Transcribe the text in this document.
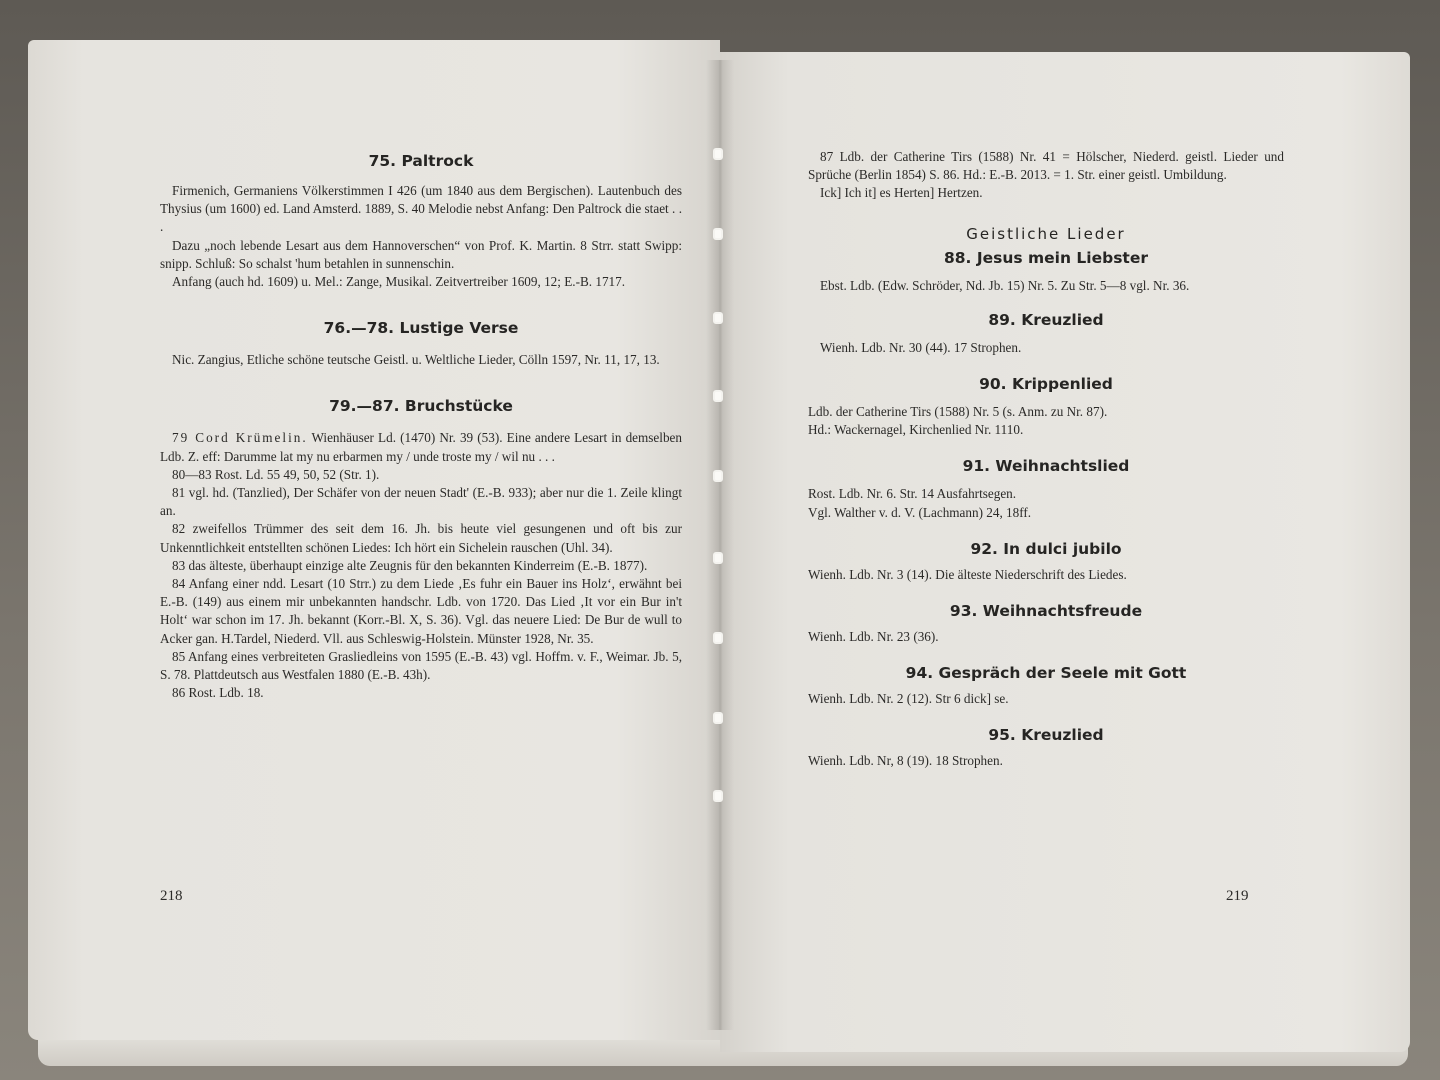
75. Paltrock

Firmenich, Germaniens Völkerstimmen I 426 (um 1840 aus dem Bergischen). Lautenbuch des Thysius (um 1600) ed. Land Amsterd. 1889, S. 40 Melodie nebst Anfang: Den Paltrock die staet . . .

Dazu „noch lebende Lesart aus dem Hannoverschen“ von Prof. K. Martin. 8 Strr. statt Swipp: snipp. Schluß: So schalst 'hum betahlen in sunnenschin.

Anfang (auch hd. 1609) u. Mel.: Zange, Musikal. Zeitvertreiber 1609, 12; E.-B. 1717.

76.—78. Lustige Verse

Nic. Zangius, Etliche schöne teutsche Geistl. u. Weltliche Lieder, Cölln 1597, Nr. 11, 17, 13.

79.—87. Bruchstücke

79 Cord Krümelin. Wienhäuser Ld. (1470) Nr. 39 (53). Eine andere Lesart in demselben Ldb. Z. eff: Darumme lat my nu erbarmen my / unde troste my / wil nu . . .

80—83 Rost. Ld. 55 49, 50, 52 (Str. 1).

81 vgl. hd. (Tanzlied), Der Schäfer von der neuen Stadt' (E.-B. 933); aber nur die 1. Zeile klingt an.

82 zweifellos Trümmer des seit dem 16. Jh. bis heute viel gesungenen und oft bis zur Unkenntlichkeit entstellten schönen Liedes: Ich hört ein Sichelein rauschen (Uhl. 34).

83 das älteste, überhaupt einzige alte Zeugnis für den bekannten Kinderreim (E.-B. 1877).

84 Anfang einer ndd. Lesart (10 Strr.) zu dem Liede ‚Es fuhr ein Bauer ins Holz‘, erwähnt bei E.-B. (149) aus einem mir unbekannten handschr. Ldb. von 1720. Das Lied ‚It vor ein Bur in't Holt‘ war schon im 17. Jh. bekannt (Korr.-Bl. X, S. 36). Vgl. das neuere Lied: De Bur de wull to Acker gan. H.Tardel, Niederd. Vll. aus Schleswig-Holstein. Münster 1928, Nr. 35.

85 Anfang eines verbreiteten Grasliedleins von 1595 (E.-B. 43) vgl. Hoffm. v. F., Weimar. Jb. 5, S. 78. Plattdeutsch aus Westfalen 1880 (E.-B. 43h).

86 Rost. Ldb. 18.

218

87 Ldb. der Catherine Tirs (1588) Nr. 41 = Hölscher, Niederd. geistl. Lieder und Sprüche (Berlin 1854) S. 86. Hd.: E.-B. 2013. = 1. Str. einer geistl. Umbildung.

Ick] Ich it] es Herten] Hertzen.

Geistliche Lieder
88. Jesus mein Liebster

Ebst. Ldb. (Edw. Schröder, Nd. Jb. 15) Nr. 5. Zu Str. 5—8 vgl. Nr. 36.

89. Kreuzlied

Wienh. Ldb. Nr. 30 (44). 17 Strophen.

90. Krippenlied

Ldb. der Catherine Tirs (1588) Nr. 5 (s. Anm. zu Nr. 87).

Hd.: Wackernagel, Kirchenlied Nr. 1110.

91. Weihnachtslied

Rost. Ldb. Nr. 6. Str. 14 Ausfahrtsegen.

Vgl. Walther v. d. V. (Lachmann) 24, 18ff.

92. In dulci jubilo

Wienh. Ldb. Nr. 3 (14). Die älteste Niederschrift des Liedes.

93. Weihnachtsfreude

Wienh. Ldb. Nr. 23 (36).

94. Gespräch der Seele mit Gott

Wienh. Ldb. Nr. 2 (12). Str 6 dick] se.

95. Kreuzlied

Wienh. Ldb. Nr, 8 (19). 18 Strophen.

219
